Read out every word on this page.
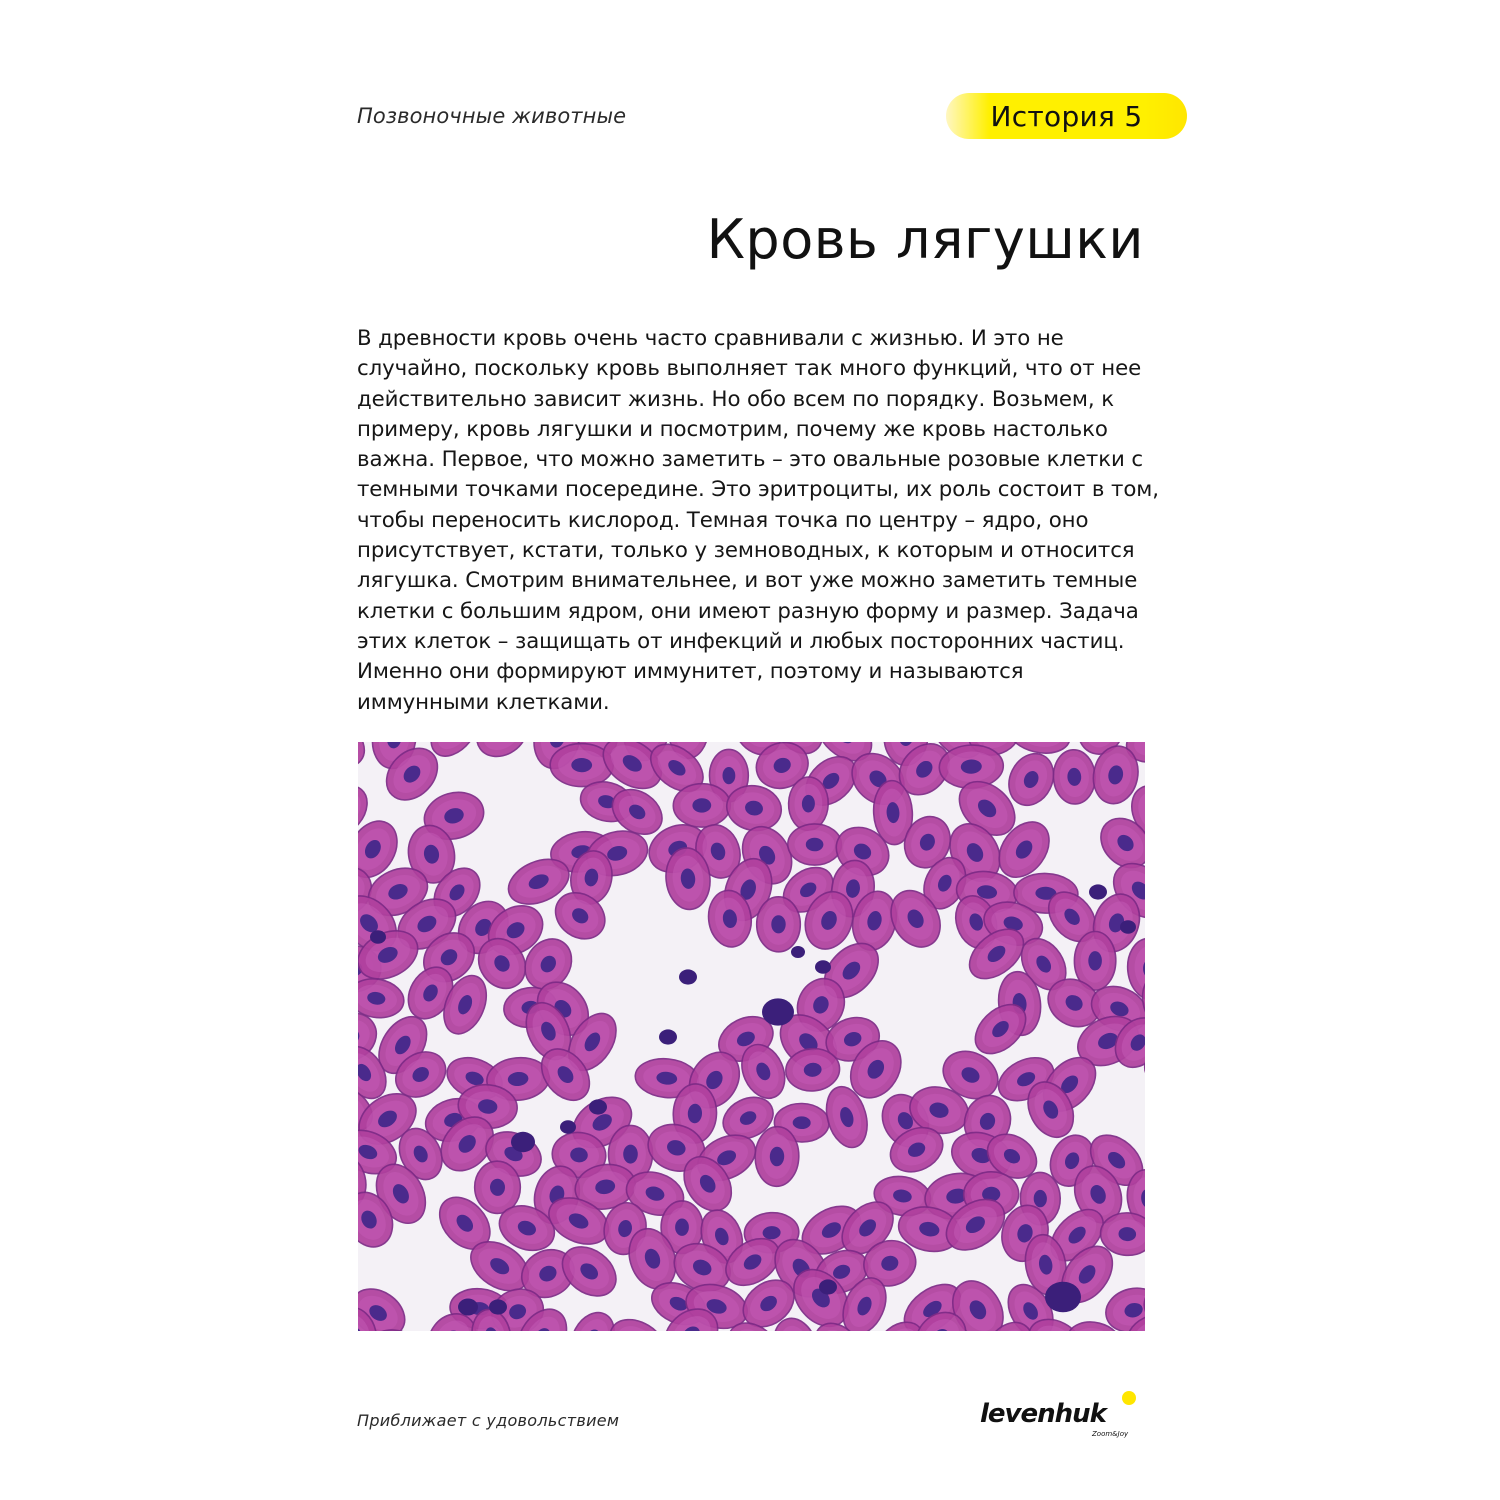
Позвоночные животные	История 5
Кровь лягушки

В древности кровь очень часто сравнивали с жизнью. И это не
случайно, поскольку кровь выполняет так много функций, что от нее
действительно зависит жизнь. Но обо всем по порядку. Возьмем, к
примеру, кровь лягушки и посмотрим, почему же кровь настолько
важна. Первое, что можно заметить – это овальные розовые клетки с
темными точками посередине. Это эритроциты, их роль состоит в том,
чтобы переносить кислород. Темная точка по центру – ядро, оно
присутствует, кстати, только у земноводных, к которым и относится
лягушка. Смотрим внимательнее, и вот уже можно заметить темные
клетки с большим ядром, они имеют разную форму и размер. Задача
этих клеток – защищать от инфекций и любых посторонних частиц.
Именно они формируют иммунитет, поэтому и называются
иммунными клетками.

Приближает с удовольствием	levenhuk
Zoom&Joy
